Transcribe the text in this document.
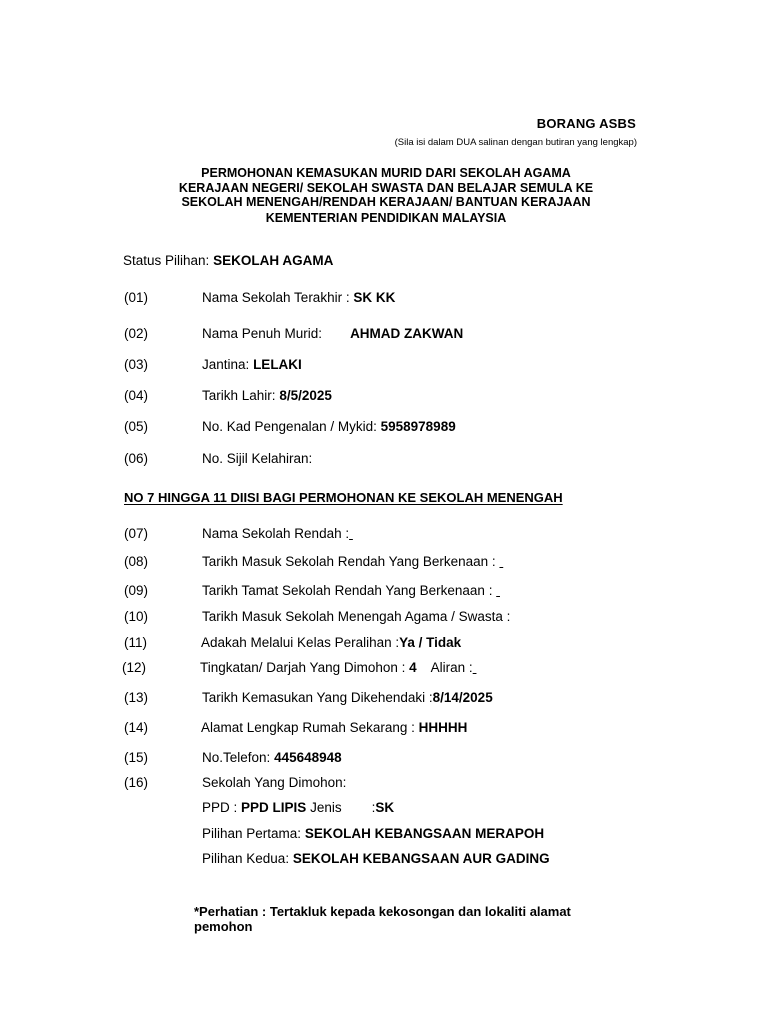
BORANG ASBS
(Sila isi dalam DUA salinan dengan butiran yang lengkap)
PERMOHONAN KEMASUKAN MURID DARI SEKOLAH AGAMA
KERAJAAN NEGERI/ SEKOLAH SWASTA DAN BELAJAR SEMULA KE
SEKOLAH MENENGAH/RENDAH KERAJAAN/ BANTUAN KERAJAAN
KEMENTERIAN PENDIDIKAN MALAYSIA
Status Pilihan: SEKOLAH AGAMA
(01)	Nama Sekolah Terakhir : SK KK
(02)	Nama Penuh Murid: AHMAD ZAKWAN
(03)	Jantina: LELAKI
(04)	Tarikh Lahir: 8/5/2025
(05)	No. Kad Pengenalan / Mykid: 5958978989
(06)	No. Sijil Kelahiran:
NO 7 HINGGA 11 DIISI BAGI PERMOHONAN KE SEKOLAH MENENGAH
(07)	Nama Sekolah Rendah :
(08)	Tarikh Masuk Sekolah Rendah Yang Berkenaan :
(09)	Tarikh Tamat Sekolah Rendah Yang Berkenaan :
(10)	Tarikh Masuk Sekolah Menengah Agama / Swasta :
(11)	Adakah Melalui Kelas Peralihan :Ya / Tidak
(12)	Tingkatan/ Darjah Yang Dimohon : 4 Aliran :
(13)	Tarikh Kemasukan Yang Dikehendaki :8/14/2025
(14)	Alamat Lengkap Rumah Sekarang : HHHHH
(15)	No.Telefon: 445648948
(16)	Sekolah Yang Dimohon:
PPD : PPD LIPIS Jenis :SK
Pilihan Pertama: SEKOLAH KEBANGSAAN MERAPOH
Pilihan Kedua: SEKOLAH KEBANGSAAN AUR GADING
*Perhatian : Tertakluk kepada kekosongan dan lokaliti alamat pemohon
